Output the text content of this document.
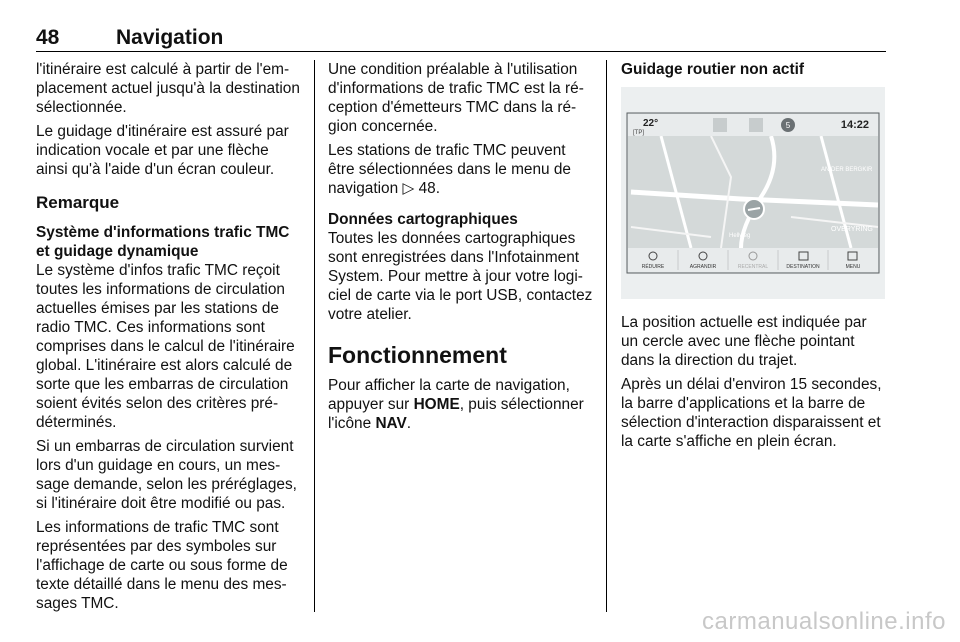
48	Navigation

l'itinéraire est calculé à partir de l'emplacement actuel jusqu'à la destination sélectionnée.

Le guidage d'itinéraire est assuré par indication vocale et par une flèche ainsi qu'à l'aide d'un écran couleur.

Remarque
Système d'informations trafic TMC et guidage dynamique

Le système d'infos trafic TMC reçoit toutes les informations de circulation actuelles émises par les stations de radio TMC. Ces informations sont comprises dans le calcul de l'itinéraire global. L'itinéraire est alors calculé de sorte que les embarras de circulation soient évités selon des critères prédéterminés.

Si un embarras de circulation survient lors d'un guidage en cours, un message demande, selon les préréglages, si l'itinéraire doit être modifié ou pas.

Les informations de trafic TMC sont représentées par des symboles sur l'affichage de carte ou sous forme de texte détaillé dans le menu des messages TMC.

Une condition préalable à l'utilisation d'informations de trafic TMC est la réception d'émetteurs TMC dans la région concernée.

Les stations de trafic TMC peuvent être sélectionnées dans le menu de navigation ▷ 48.

Données cartographiques

Toutes les données cartographiques sont enregistrées dans l'Infotainment System. Pour mettre à jour votre logiciel de carte via le port USB, contactez votre atelier.

Fonctionnement

Pour afficher la carte de navigation, appuyer sur HOME, puis sélectionner l'icône NAV.

Guidage routier non actif
22°
[TP]
5	14:22
AN DER BERGKIR
OVERYRING
Hellweg
RÉDUIRE	AGRANDIR	RECENTRAL	DESTINATION	MENU

La position actuelle est indiquée par un cercle avec une flèche pointant dans la direction du trajet.

Après un délai d'environ 15 secondes, la barre d'applications et la barre de sélection d'interaction disparaissent et la carte s'affiche en plein écran.

carmanualsonline.info
